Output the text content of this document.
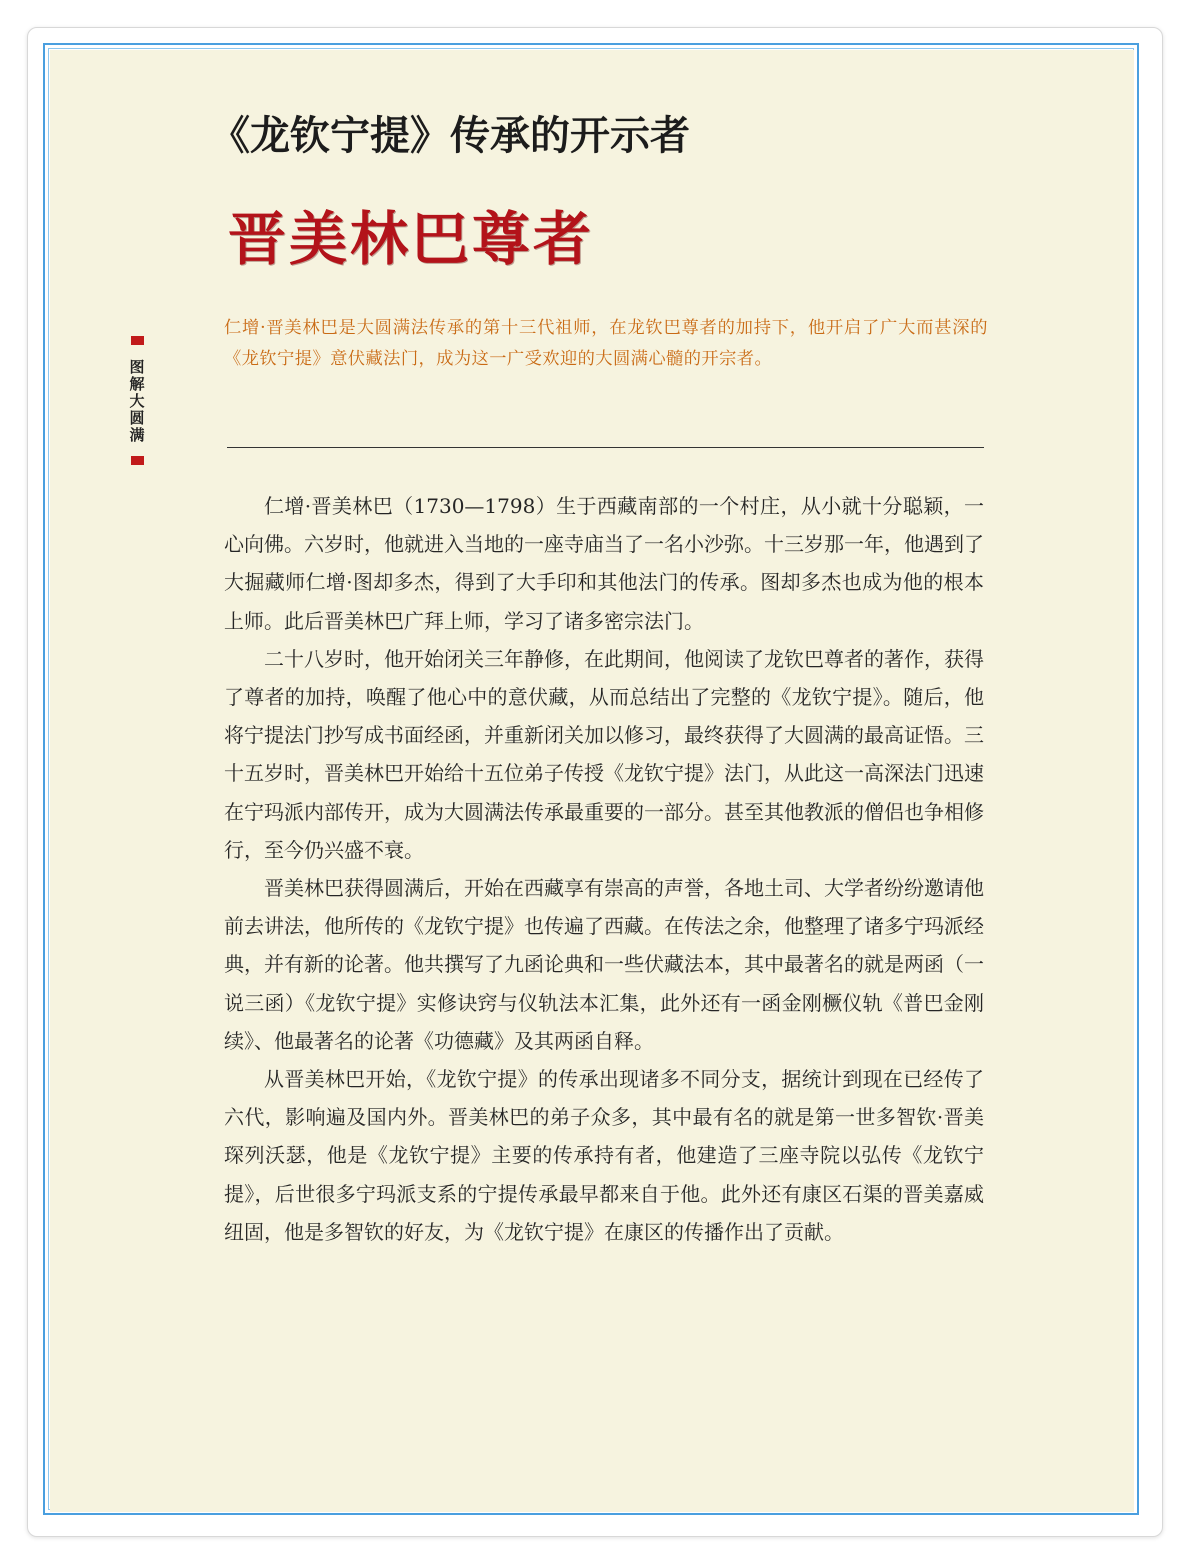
《龙钦宁提》传承的开示者
图解大圆满
晋美林巴尊者

仁增·晋美林巴是大圆满法传承的第十三代祖师，在龙钦巴尊者的加持下，他开启了广大而甚深的《龙钦宁提》意伏藏法门，成为这一广受欢迎的大圆满心髓的开宗者。

仁增·晋美林巴（1730—1798）生于西藏南部的一个村庄，从小就十分聪颖，一心向佛。六岁时，他就进入当地的一座寺庙当了一名小沙弥。十三岁那一年，他遇到了大掘藏师仁增·图却多杰，得到了大手印和其他法门的传承。图却多杰也成为他的根本上师。此后晋美林巴广拜上师，学习了诸多密宗法门。

二十八岁时，他开始闭关三年静修，在此期间，他阅读了龙钦巴尊者的著作，获得了尊者的加持，唤醒了他心中的意伏藏，从而总结出了完整的《龙钦宁提》。随后，他将宁提法门抄写成书面经函，并重新闭关加以修习，最终获得了大圆满的最高证悟。三十五岁时，晋美林巴开始给十五位弟子传授《龙钦宁提》法门，从此这一高深法门迅速在宁玛派内部传开，成为大圆满法传承最重要的一部分。甚至其他教派的僧侣也争相修行，至今仍兴盛不衰。

晋美林巴获得圆满后，开始在西藏享有崇高的声誉，各地土司、大学者纷纷邀请他前去讲法，他所传的《龙钦宁提》也传遍了西藏。在传法之余，他整理了诸多宁玛派经典，并有新的论著。他共撰写了九函论典和一些伏藏法本，其中最著名的就是两函（一说三函）《龙钦宁提》实修诀窍与仪轨法本汇集，此外还有一函金刚橛仪轨《普巴金刚续》、他最著名的论著《功德藏》及其两函自释。

从晋美林巴开始，《龙钦宁提》的传承出现诸多不同分支，据统计到现在已经传了六代，影响遍及国内外。晋美林巴的弟子众多，其中最有名的就是第一世多智钦·晋美琛列沃瑟，他是《龙钦宁提》主要的传承持有者，他建造了三座寺院以弘传《龙钦宁提》，后世很多宁玛派支系的宁提传承最早都来自于他。此外还有康区石渠的晋美嘉威纽固，他是多智钦的好友，为《龙钦宁提》在康区的传播作出了贡献。
